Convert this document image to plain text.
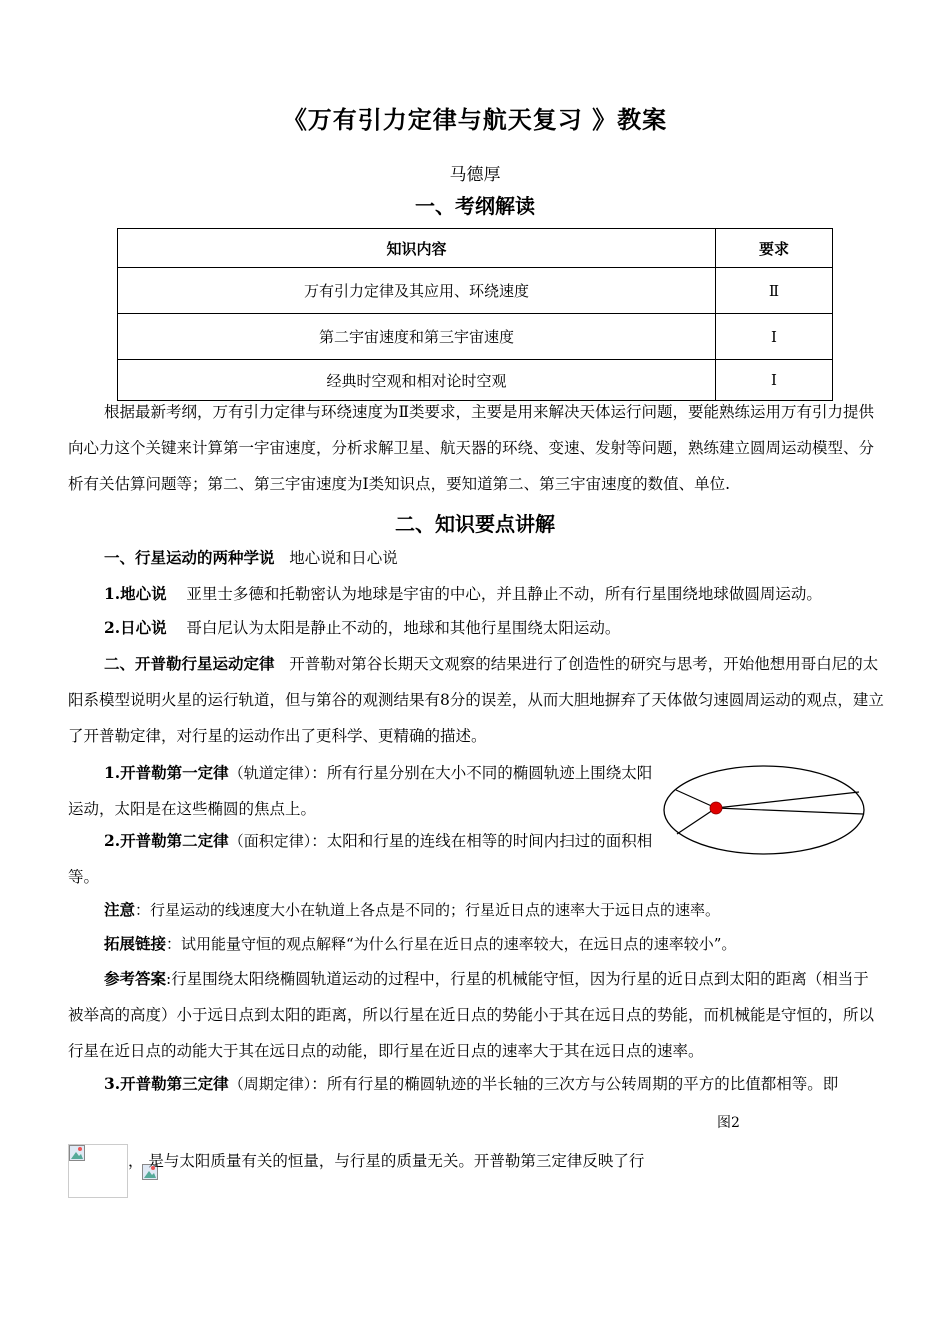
《万有引力定律与航天复习 》教案
马德厚
一、考纲解读
知识内容	要求
万有引力定律及其应用、环绕速度	Ⅱ
第二宇宙速度和第三宇宙速度	Ⅰ
经典时空观和相对论时空观	Ⅰ
根据最新考纲，万有引力定律与环绕速度为Ⅱ类要求，主要是用来解决天体运行问题，要能熟练运用万有引力提供向心力这个关键来计算第一宇宙速度，分析求解卫星、航天器的环绕、变速、发射等问题，熟练建立圆周运动模型、分析有关估算问题等；第二、第三宇宙速度为Ⅰ类知识点，要知道第二、第三宇宙速度的数值、单位.
二、知识要点讲解
一、行星运动的两种学说 地心说和日心说
1.地心说 亚里士多德和托勒密认为地球是宇宙的中心，并且静止不动，所有行星围绕地球做圆周运动。
2.日心说 哥白尼认为太阳是静止不动的，地球和其他行星围绕太阳运动。
二、开普勒行星运动定律 开普勒对第谷长期天文观察的结果进行了创造性的研究与思考，开始他想用哥白尼的太阳系模型说明火星的运行轨道，但与第谷的观测结果有8分的误差，从而大胆地摒弃了天体做匀速圆周运动的观点，建立了开普勒定律，对行星的运动作出了更科学、更精确的描述。
1.开普勒第一定律（轨道定律）：所有行星分别在大小不同的椭圆轨迹上围绕太阳运动，太阳是在这些椭圆的焦点上。
2.开普勒第二定律（面积定律）：太阳和行星的连线在相等的时间内扫过的面积相等。
注意：行星运动的线速度大小在轨道上各点是不同的；行星近日点的速率大于远日点的速率。
拓展链接：试用能量守恒的观点解释“为什么行星在近日点的速率较大，在远日点的速率较小”。
参考答案:行星围绕太阳绕椭圆轨道运动的过程中，行星的机械能守恒，因为行星的近日点到太阳的距离（相当于被举高的高度）小于远日点到太阳的距离，所以行星在近日点的势能小于其在远日点的势能，而机械能是守恒的，所以行星在近日点的动能大于其在远日点的动能，即行星在近日点的速率大于其在远日点的速率。
3.开普勒第三定律（周期定律）：所有行星的椭圆轨迹的半长轴的三次方与公转周期的平方的比值都相等。即
图2
， 是与太阳质量有关的恒量，与行星的质量无关。开普勒第三定律反映了行
